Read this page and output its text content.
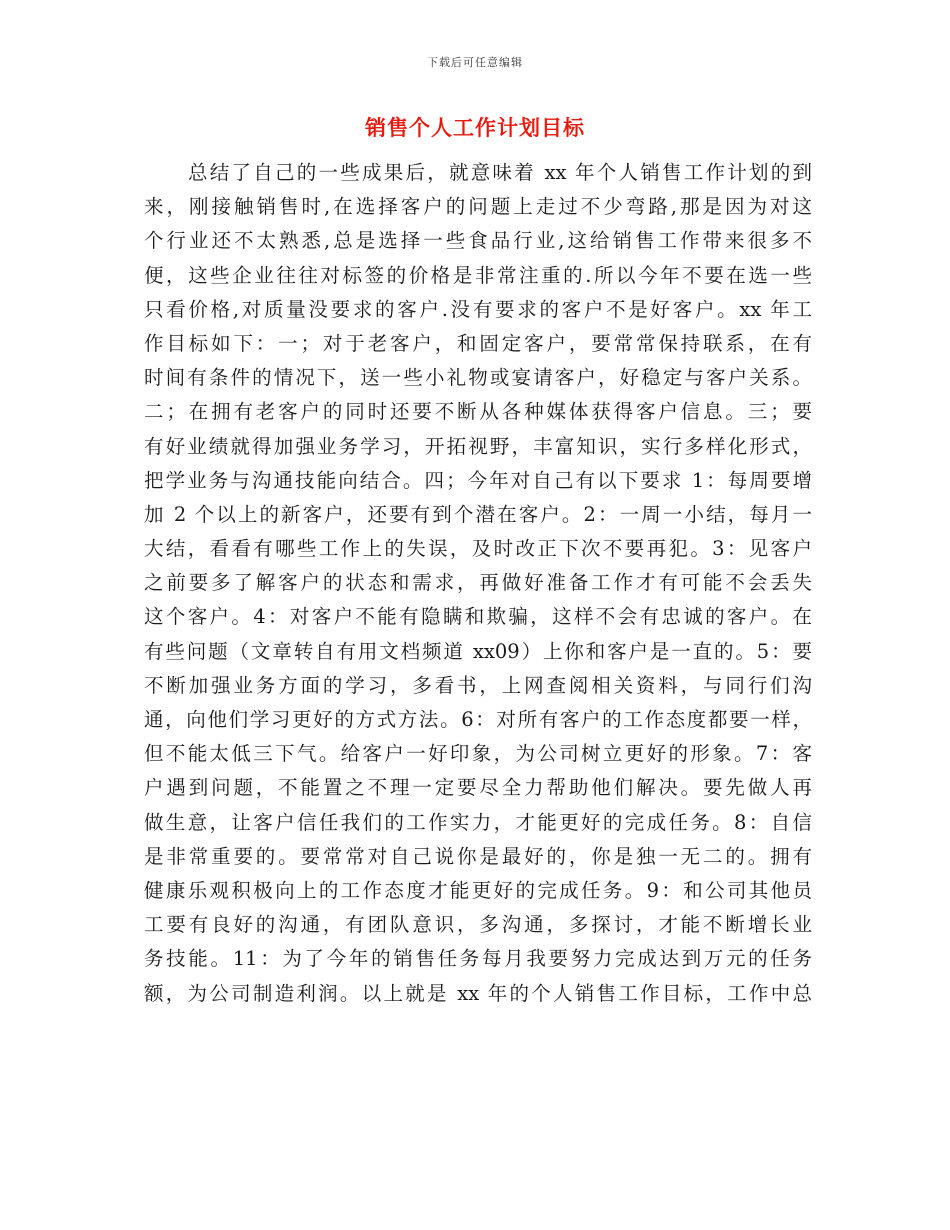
下载后可任意编辑
销售个人工作计划目标
总结了自己的一些成果后，就意味着 xx 年个人销售工作计划的到
来，刚接触销售时,在选择客户的问题上走过不少弯路,那是因为对这
个行业还不太熟悉,总是选择一些食品行业,这给销售工作带来很多不
便，这些企业往往对标签的价格是非常注重的.所以今年不要在选一些
只看价格,对质量没要求的客户.没有要求的客户不是好客户。xx 年工
作目标如下：一；对于老客户，和固定客户，要常常保持联系，在有
时间有条件的情况下，送一些小礼物或宴请客户，好稳定与客户关系。
二；在拥有老客户的同时还要不断从各种媒体获得客户信息。三；要
有好业绩就得加强业务学习，开拓视野，丰富知识，实行多样化形式，
把学业务与沟通技能向结合。四；今年对自己有以下要求 1：每周要增
加 2 个以上的新客户，还要有到个潜在客户。2：一周一小结，每月一
大结，看看有哪些工作上的失误，及时改正下次不要再犯。3：见客户
之前要多了解客户的状态和需求，再做好准备工作才有可能不会丢失
这个客户。4：对客户不能有隐瞒和欺骗，这样不会有忠诚的客户。在
有些问题（文章转自有用文档频道 xx09）上你和客户是一直的。5：要
不断加强业务方面的学习，多看书，上网查阅相关资料，与同行们沟
通，向他们学习更好的方式方法。6：对所有客户的工作态度都要一样，
但不能太低三下气。给客户一好印象，为公司树立更好的形象。7：客
户遇到问题，不能置之不理一定要尽全力帮助他们解决。要先做人再
做生意，让客户信任我们的工作实力，才能更好的完成任务。8：自信
是非常重要的。要常常对自己说你是最好的，你是独一无二的。拥有
健康乐观积极向上的工作态度才能更好的完成任务。9：和公司其他员
工要有良好的沟通，有团队意识，多沟通，多探讨，才能不断增长业
务技能。11：为了今年的销售任务每月我要努力完成达到万元的任务
额，为公司制造利润。以上就是 xx 年的个人销售工作目标，工作中总
